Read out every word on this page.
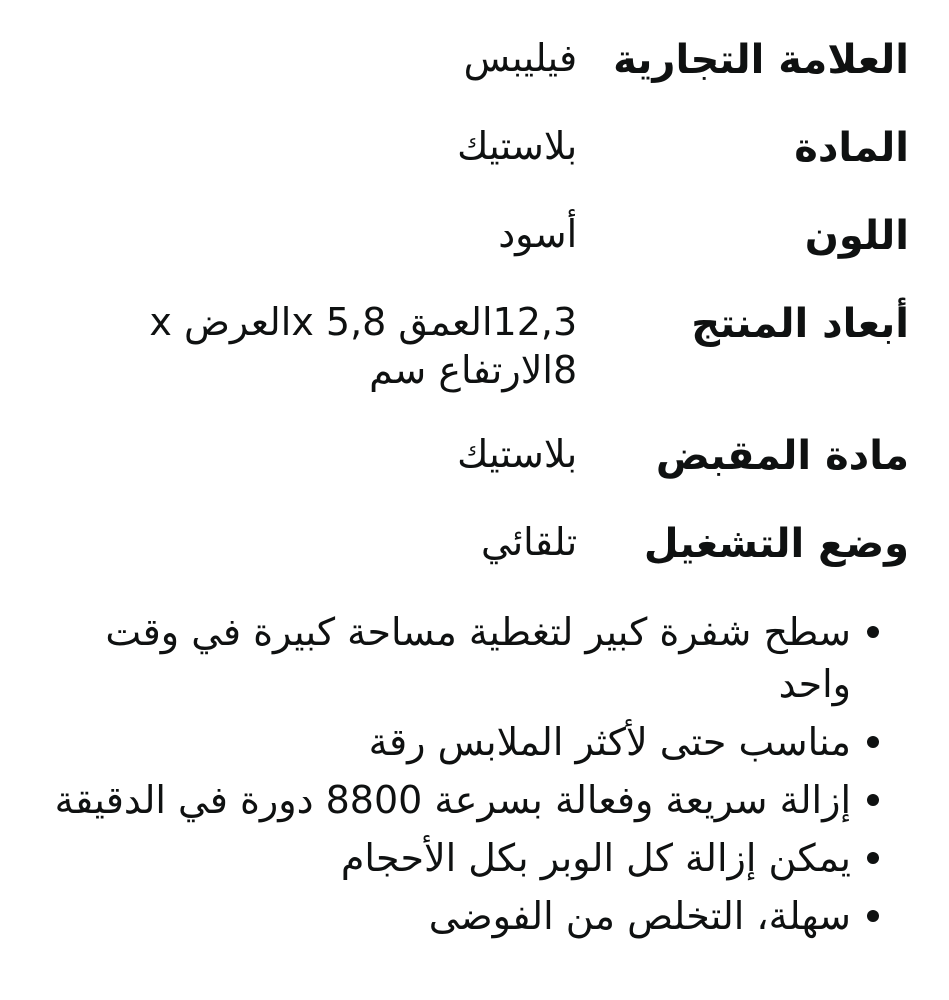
العلامة التجارية	فيليبس
المادة	بلاستيك
اللون	أسود
أبعاد المنتج	12,3العمق x 5,8العرض x 8الارتفاع سم
مادة المقبض	بلاستيك
وضع التشغيل	تلقائي
سطح شفرة كبير لتغطية مساحة كبيرة في وقت واحد
مناسب حتى لأكثر الملابس رقة
إزالة سريعة وفعالة بسرعة 8800 دورة في الدقيقة
يمكن إزالة كل الوبر بكل الأحجام
سهلة، التخلص من الفوضى
